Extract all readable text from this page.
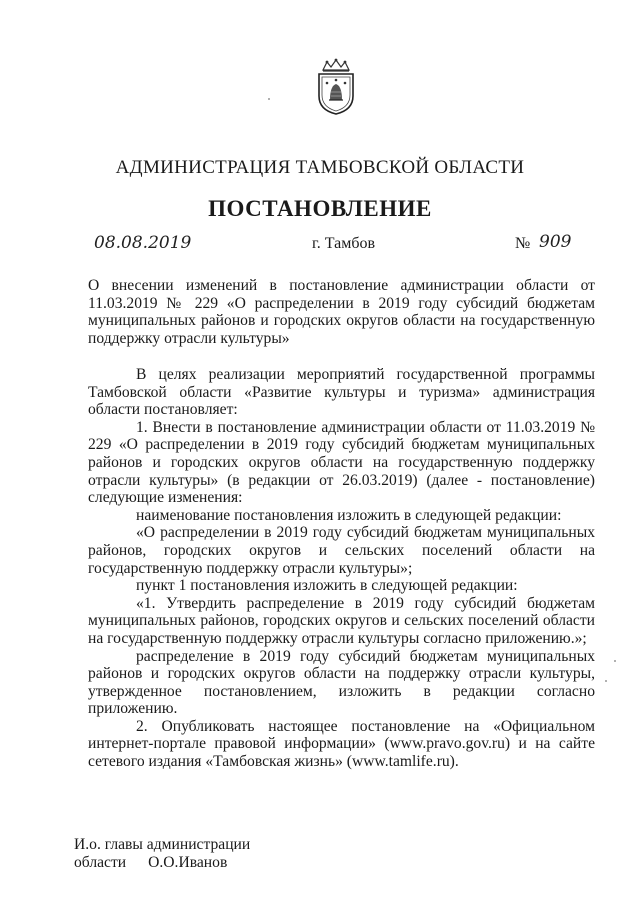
АДМИНИСТРАЦИЯ ТАМБОВСКОЙ ОБЛАСТИ
ПОСТАНОВЛЕНИЕ
08.08.2019	г. Тамбов	№ 909
О внесении изменений в постановление администрации области от 11.03.2019 № 229 «О распределении в 2019 году субсидий бюджетам муниципальных районов и городских округов области на государственную поддержку отрасли культуры»
В целях реализации мероприятий государственной программы Тамбовской области «Развитие культуры и туризма» администрация области постановляет:
1. Внести в постановление администрации области от 11.03.2019 № 229 «О распределении в 2019 году субсидий бюджетам муниципальных районов и городских округов области на государственную поддержку отрасли культуры» (в редакции от 26.03.2019) (далее - постановление) следующие изменения:
наименование постановления изложить в следующей редакции:
«О распределении в 2019 году субсидий бюджетам муниципальных районов, городских округов и сельских поселений области на государственную поддержку отрасли культуры»;
пункт 1 постановления изложить в следующей редакции:
«1. Утвердить распределение в 2019 году субсидий бюджетам муниципальных районов, городских округов и сельских поселений области на государственную поддержку отрасли культуры согласно приложению.»;
распределение в 2019 году субсидий бюджетам муниципальных районов и городских округов области на поддержку отрасли культуры, утвержденное постановлением, изложить в редакции согласно приложению.
2. Опубликовать настоящее постановление на «Официальном интернет-портале правовой информации» (www.pravo.gov.ru) и на сайте сетевого издания «Тамбовская жизнь» (www.tamlife.ru).
И.о. главы администрации
области О.О.Иванов
